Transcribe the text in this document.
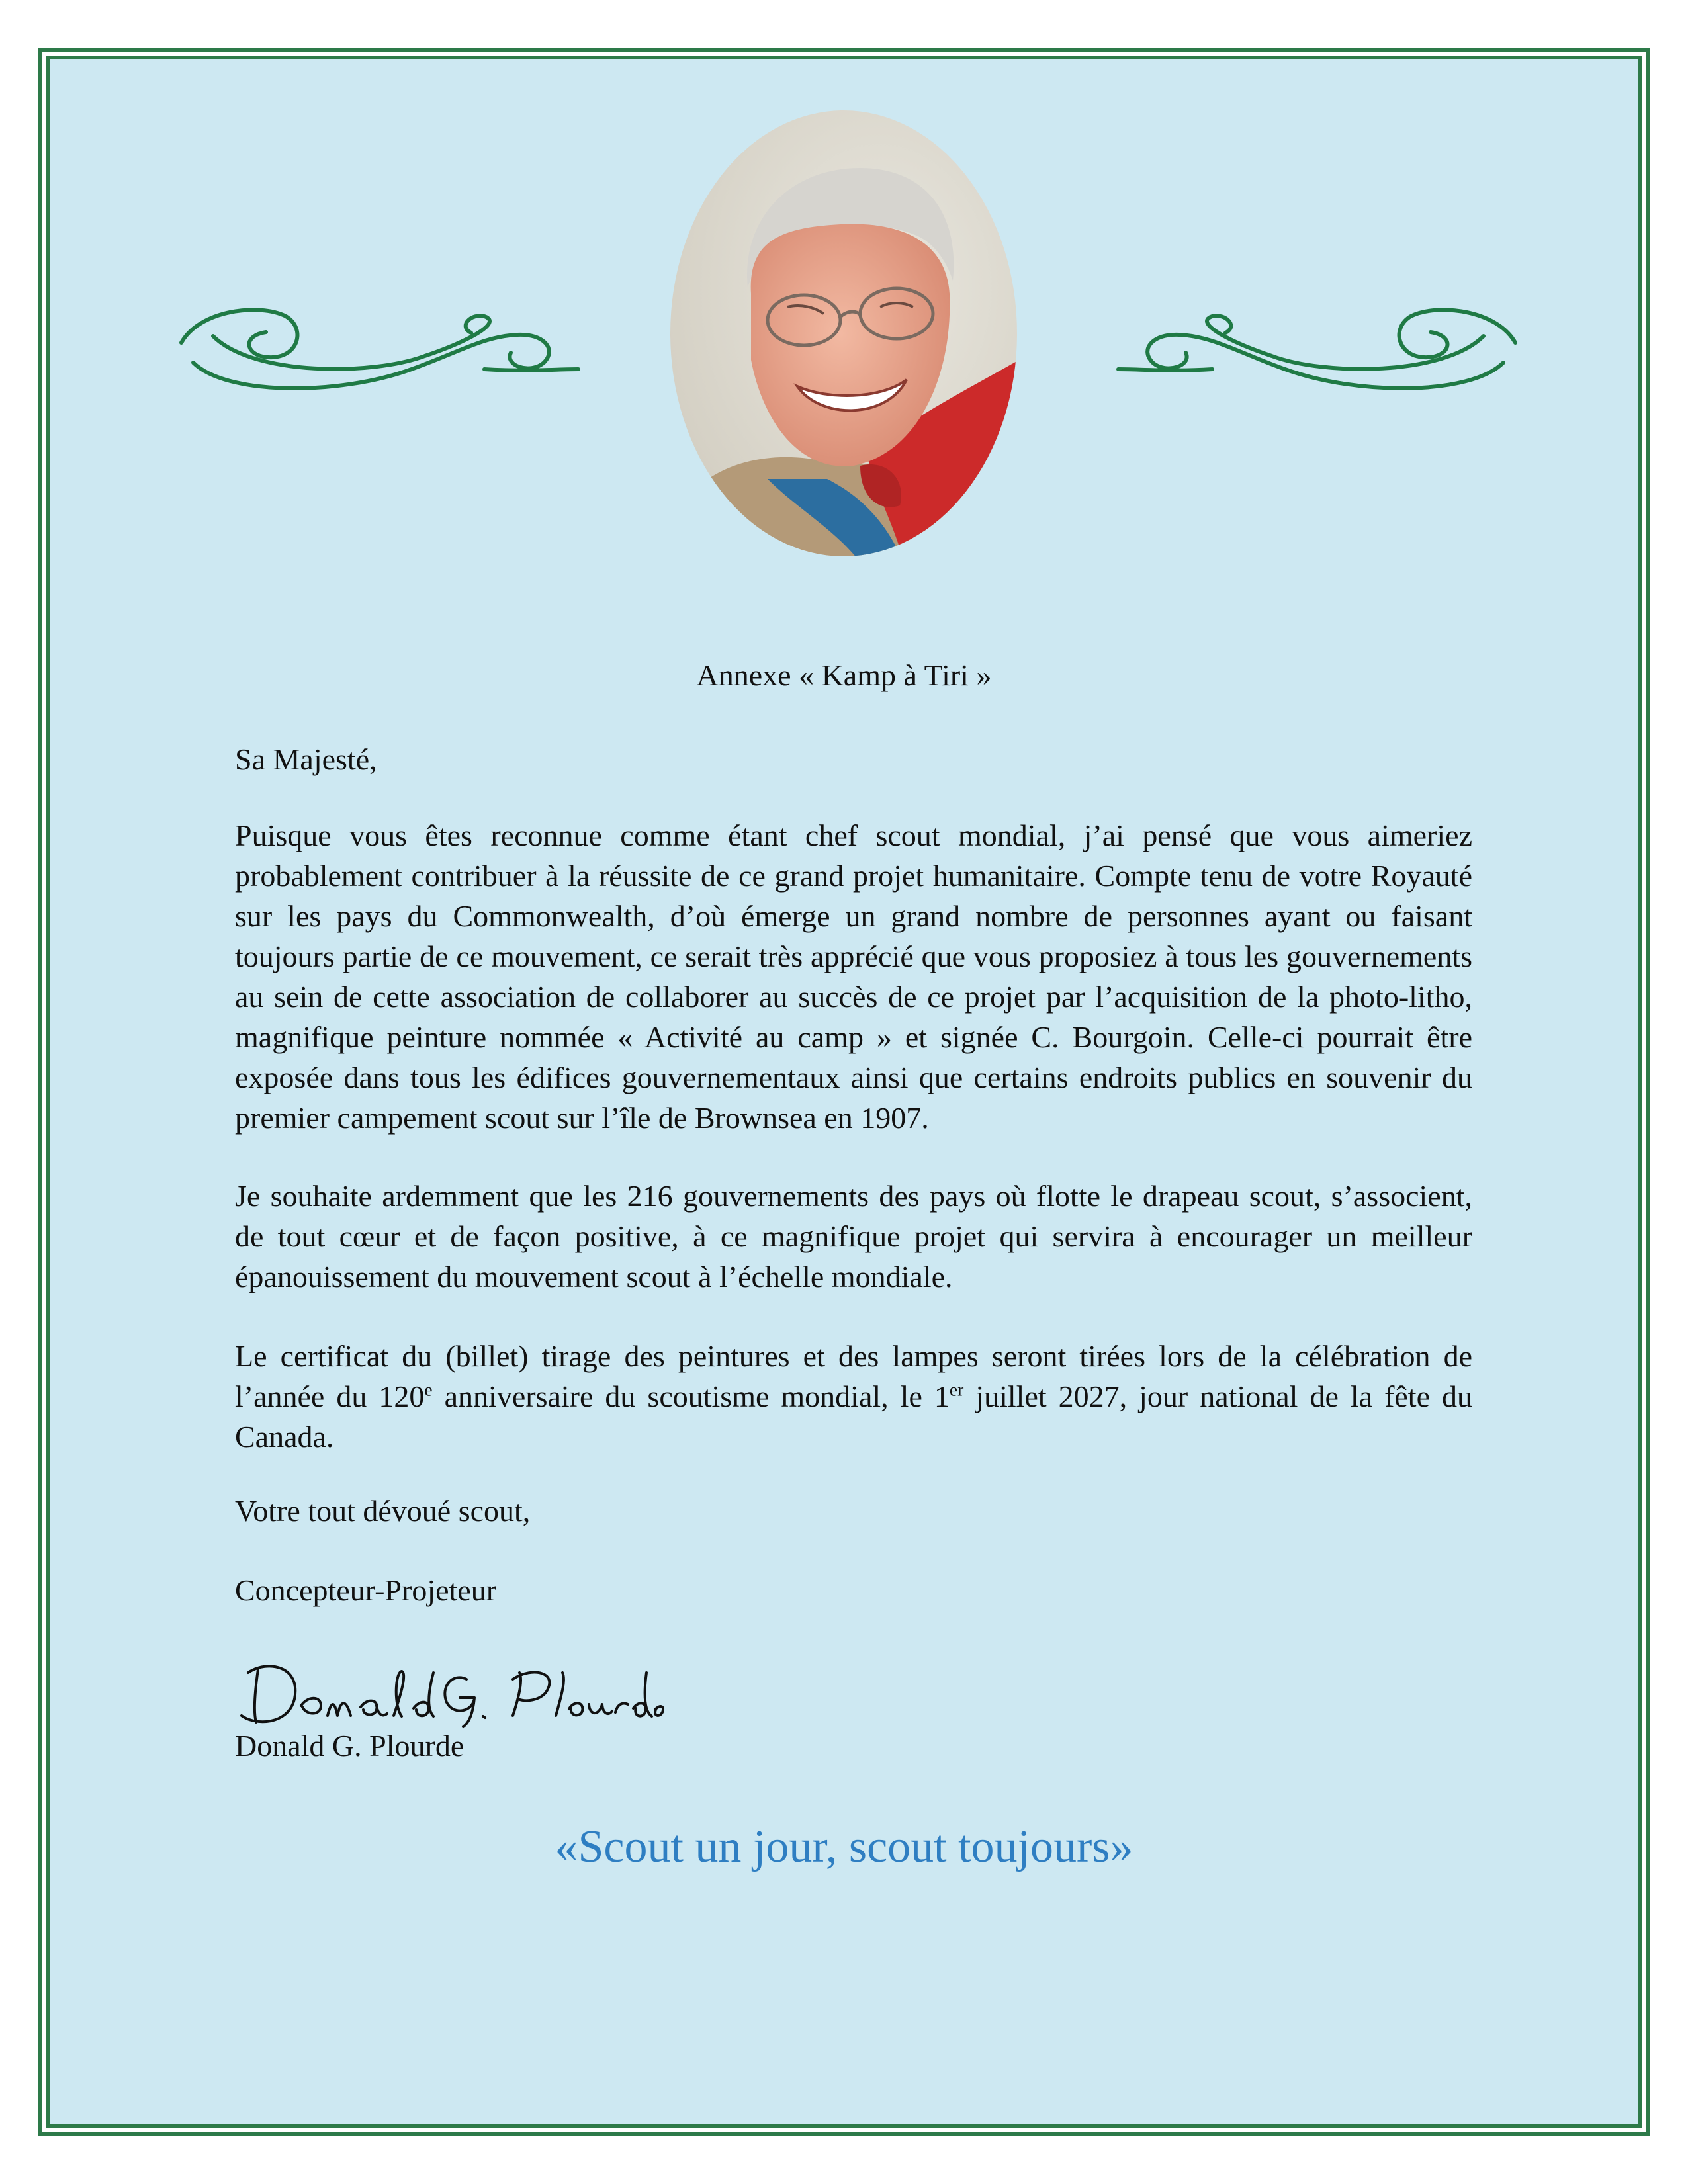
Annexe « Kamp à Tiri »
Sa Majesté,
Puisque vous êtes reconnue comme étant chef scout mondial, j’ai pensé que vous aimeriez probablement contribuer à la réussite de ce grand projet humanitaire. Compte tenu de votre Royauté sur les pays du Commonwealth, d’où émerge un grand nombre de personnes ayant ou faisant toujours partie de ce mouvement, ce serait très apprécié que vous proposiez à tous les gouvernements au sein de cette association de collaborer au succès de ce projet par l’acquisition de la photo-litho, magnifique peinture nommée « Activité au camp » et signée C. Bourgoin. Celle-ci pourrait être exposée dans tous les édifices gouvernementaux ainsi que certains endroits publics en souvenir du premier campement scout sur l’île de Brownsea en 1907.
Je souhaite ardemment que les 216 gouvernements des pays où flotte le drapeau scout, s’associent, de tout cœur et de façon positive, à ce magnifique projet qui servira à encourager un meilleur épanouissement du mouvement scout à l’échelle mondiale.
Le certificat du (billet) tirage des peintures et des lampes seront tirées lors de la célébration de l’année du 120e anniversaire du scoutisme mondial, le 1er juillet 2027, jour national de la fête du Canada.
Votre tout dévoué scout,
Concepteur-Projeteur
Donald G. Plourde
«Scout un jour, scout toujours»
